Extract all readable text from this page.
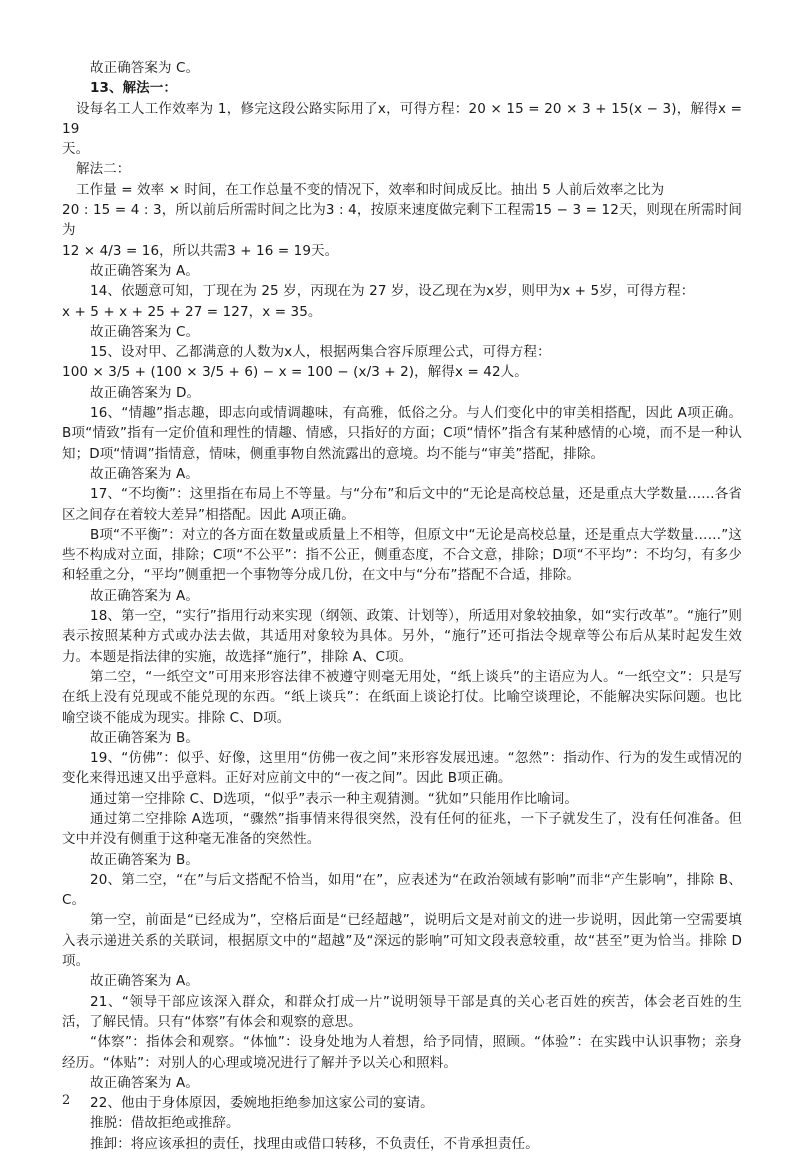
故正确答案为 C。

13、解法一：

设每名工人工作效率为 1，修完这段公路实际用了x，可得方程：20 × 15 = 20 × 3 + 15(x − 3)，解得x = 19

天。

解法二：

工作量 = 效率 × 时间，在工作总量不变的情况下，效率和时间成反比。抽出 5 人前后效率之比为

20 : 15 = 4 : 3，所以前后所需时间之比为3 : 4，按原来速度做完剩下工程需15 − 3 = 12天，则现在所需时间为

12 × 4/3 = 16，所以共需3 + 16 = 19天。

故正确答案为 A。

14、依题意可知，丁现在为 25 岁，丙现在为 27 岁，设乙现在为x岁，则甲为x + 5岁，可得方程：

x + 5 + x + 25 + 27 = 127，x = 35。

故正确答案为 C。

15、设对甲、乙都满意的人数为x人，根据两集合容斥原理公式，可得方程：

100 × 3/5 + (100 × 3/5 + 6) − x = 100 − (x/3 + 2)，解得x = 42人。

故正确答案为 D。

16、“情趣”指志趣，即志向或情调趣味，有高雅，低俗之分。与人们变化中的审美相搭配，因此 A项正确。B项“情致”指有一定价值和理性的情趣、情感，只指好的方面；C项“情怀”指含有某种感情的心境，而不是一种认知；D项“情调”指情意，情味，侧重事物自然流露出的意境。均不能与“审美”搭配，排除。

故正确答案为 A。

17、“不均衡”：这里指在布局上不等量。与“分布”和后文中的“无论是高校总量，还是重点大学数量……各省区之间存在着较大差异”相搭配。因此 A项正确。

B项“不平衡”：对立的各方面在数量或质量上不相等，但原文中“无论是高校总量，还是重点大学数量……”这些不构成对立面，排除；C项“不公平”：指不公正，侧重态度，不合文意，排除；D项“不平均”：不均匀，有多少和轻重之分，“平均”侧重把一个事物等分成几份，在文中与“分布”搭配不合适，排除。

故正确答案为 A。

18、第一空，“实行”指用行动来实现（纲领、政策、计划等），所适用对象较抽象，如“实行改革”。“施行”则表示按照某种方式或办法去做，其适用对象较为具体。另外，“施行”还可指法令规章等公布后从某时起发生效力。本题是指法律的实施，故选择“施行”，排除 A、C项。

第二空，“一纸空文”可用来形容法律不被遵守则毫无用处，“纸上谈兵”的主语应为人。“一纸空文”：只是写在纸上没有兑现或不能兑现的东西。“纸上谈兵”：在纸面上谈论打仗。比喻空谈理论，不能解决实际问题。也比喻空谈不能成为现实。排除 C、D项。

故正确答案为 B。

19、“仿佛”：似乎、好像，这里用“仿佛一夜之间”来形容发展迅速。“忽然”：指动作、行为的发生或情况的变化来得迅速又出乎意料。正好对应前文中的“一夜之间”。因此 B项正确。

通过第一空排除 C、D选项，“似乎”表示一种主观猜测。“犹如”只能用作比喻词。

通过第二空排除 A选项，“骤然”指事情来得很突然，没有任何的征兆，一下子就发生了，没有任何准备。但文中并没有侧重于这种毫无准备的突然性。

故正确答案为 B。

20、第二空，“在”与后文搭配不恰当，如用“在”，应表述为“在政治领域有影响”而非“产生影响”，排除 B、C。

第一空，前面是“已经成为”，空格后面是“已经超越”，说明后文是对前文的进一步说明，因此第一空需要填入表示递进关系的关联词，根据原文中的“超越”及“深远的影响”可知文段表意较重，故“甚至”更为恰当。排除 D项。

故正确答案为 A。

21、“领导干部应该深入群众，和群众打成一片”说明领导干部是真的关心老百姓的疾苦，体会老百姓的生活，了解民情。只有“体察”有体会和观察的意思。

“体察”：指体会和观察。“体恤”：设身处地为人着想，给予同情，照顾。“体验”：在实践中认识事物；亲身经历。“体贴”：对别人的心理或境况进行了解并予以关心和照料。

故正确答案为 A。

22、他由于身体原因，委婉地拒绝参加这家公司的宴请。

推脱：借故拒绝或推辞。

推卸：将应该承担的责任，找理由或借口转移，不负责任，不肯承担责任。

2
